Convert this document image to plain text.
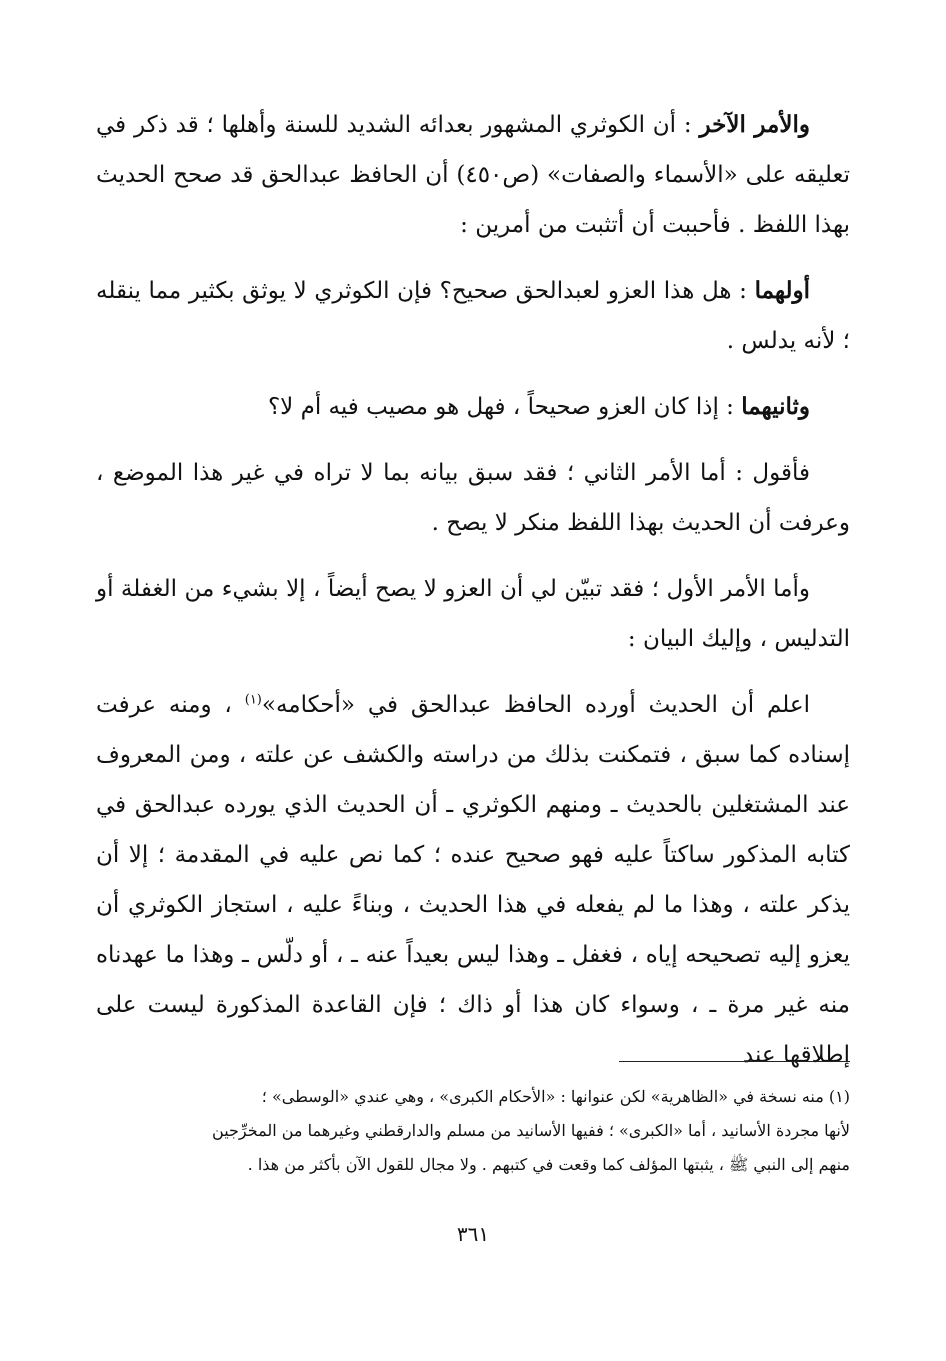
والأمر الآخر : أن الكوثري المشهور بعدائه الشديد للسنة وأهلها ؛ قد ذكر في تعليقه على «الأسماء والصفات» (ص٤٥٠) أن الحافظ عبدالحق قد صحح الحديث بهذا اللفظ . فأحببت أن أتثبت من أمرين :

أولهما : هل هذا العزو لعبدالحق صحيح؟ فإن الكوثري لا يوثق بكثير مما ينقله ؛ لأنه يدلس .

وثانيهما : إذا كان العزو صحيحاً ، فهل هو مصيب فيه أم لا؟

فأقول : أما الأمر الثاني ؛ فقد سبق بيانه بما لا تراه في غير هذا الموضع ، وعرفت أن الحديث بهذا اللفظ منكر لا يصح .

وأما الأمر الأول ؛ فقد تبيّن لي أن العزو لا يصح أيضاً ، إلا بشيء من الغفلة أو التدليس ، وإليك البيان :

اعلم أن الحديث أورده الحافظ عبدالحق في «أحكامه»$^{(١)}$ ، ومنه عرفت إسناده كما سبق ، فتمكنت بذلك من دراسته والكشف عن علته ، ومن المعروف عند المشتغلين بالحديث ـ ومنهم الكوثري ـ أن الحديث الذي يورده عبدالحق في كتابه المذكور ساكتاً عليه فهو صحيح عنده ؛ كما نص عليه في المقدمة ؛ إلا أن يذكر علته ، وهذا ما لم يفعله في هذا الحديث ، وبناءً عليه ، استجاز الكوثري أن يعزو إليه تصحيحه إياه ، فغفل ـ وهذا ليس بعيداً عنه ـ ، أو دلّس ـ وهذا ما عهدناه منه غير مرة ـ ، وسواء كان هذا أو ذاك ؛ فإن القاعدة المذكورة ليست على إطلاقها عند

(١) منه نسخة في «الظاهرية» لكن عنوانها : «الأحكام الكبرى» ، وهي عندي «الوسطى» ؛
لأنها مجردة الأسانيد ، أما «الكبرى» ؛ ففيها الأسانيد من مسلم والدارقطني وغيرهما من المخرِّجين
منهم إلى النبي ﷺ ، يثبتها المؤلف كما وقعت في كتبهم . ولا مجال للقول الآن بأكثر من هذا .
٣٦١
